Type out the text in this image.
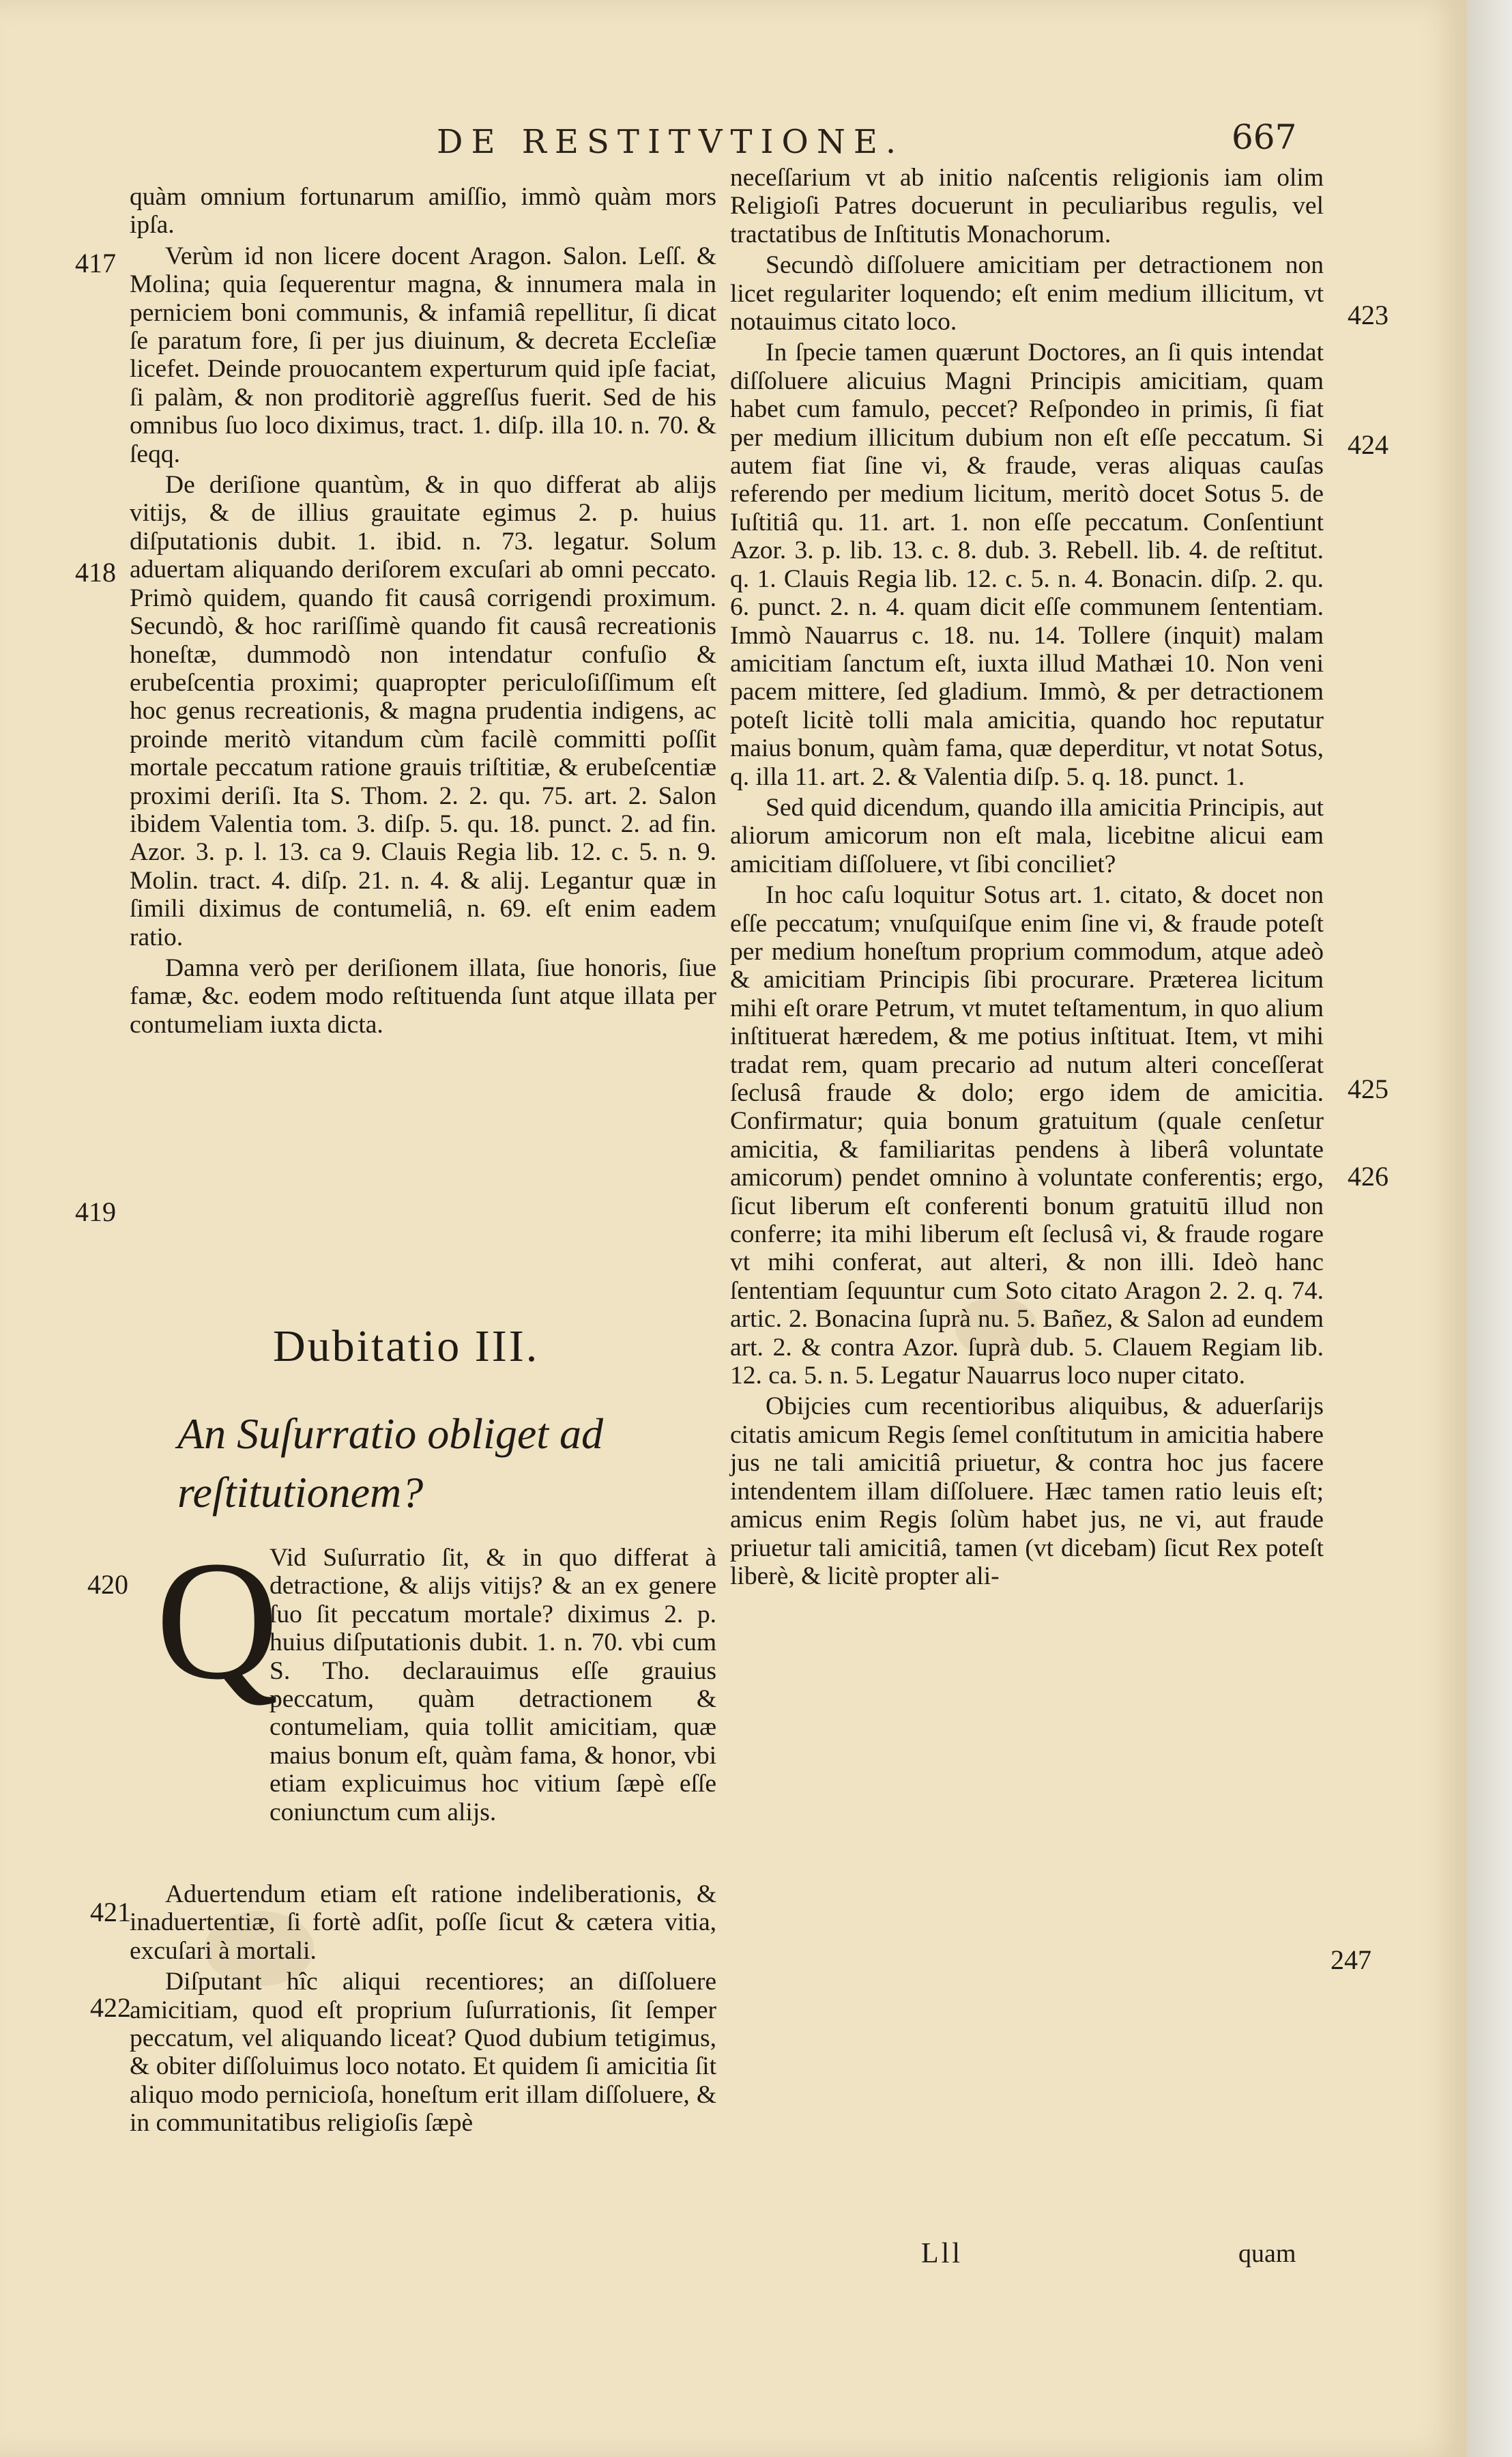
DE RESTITVTIONE.	667

quàm omnium fortunarum amiſſio, immò quàm mors ipſa.

Verùm id non licere docent Aragon. Salon. Leſſ. & Molina; quia ſequerentur magna, & innumera mala in perniciem boni communis, & infamiâ repellitur, ſi dicat ſe paratum fore, ſi per jus diuinum, & decreta Eccleſiæ licefet. Deinde prouocantem experturum quid ipſe faciat, ſi palàm, & non proditoriè aggreſſus fuerit. Sed de his omnibus ſuo loco diximus, tract. 1. diſp. illa 10. n. 70. & ſeqq.

De deriſione quantùm, & in quo differat ab alijs vitijs, & de illius grauitate egimus 2. p. huius diſputationis dubit. 1. ibid. n. 73. legatur. Solum aduertam aliquando deriſorem excuſari ab omni peccato. Primò quidem, quando fit causâ corrigendi proximum. Secundò, & hoc rariſſimè quando fit causâ recreationis honeſtæ, dummodò non intendatur confuſio & erubeſcentia proximi; quapropter periculoſiſſimum eſt hoc genus recreationis, & magna prudentia indigens, ac proinde meritò vitandum cùm facilè committi poſſit mortale peccatum ratione grauis triſtitiæ, & erubeſcentiæ proximi deriſi. Ita S. Thom. 2. 2. qu. 75. art. 2. Salon ibidem Valentia tom. 3. diſp. 5. qu. 18. punct. 2. ad fin. Azor. 3. p. l. 13. ca 9. Clauis Regia lib. 12. c. 5. n. 9. Molin. tract. 4. diſp. 21. n. 4. & alij. Legantur quæ in ſimili diximus de contumeliâ, n. 69. eſt enim eadem ratio.

Damna verò per deriſionem illata, ſiue honoris, ſiue famæ, &c. eodem modo reſtituenda ſunt atque illata per contumeliam iuxta dicta.

Dubitatio III.
An Suſurratio obliget ad reſtitutionem?
Q

Vid Suſurratio ſit, & in quo differat à detractione, & alijs vitijs? & an ex genere ſuo ſit peccatum mortale? diximus 2. p. huius diſputationis dubit. 1. n. 70. vbi cum S. Tho. declarauimus eſſe grauius peccatum, quàm detractionem & contumeliam, quia tollit amicitiam, quæ maius bonum eſt, quàm fama, & honor, vbi etiam explicuimus hoc vitium ſæpè eſſe coniunctum cum alijs.

Aduertendum etiam eſt ratione indeliberationis, & inaduertentiæ, ſi fortè adſit, poſſe ſicut & cætera vitia, excuſari à mortali.

Diſputant hîc aliqui recentiores; an diſſoluere amicitiam, quod eſt proprium ſuſurrationis, ſit ſemper peccatum, vel aliquando liceat? Quod dubium tetigimus, & obiter diſſoluimus loco notato. Et quidem ſi amicitia ſit aliquo modo pernicioſa, honeſtum erit illam diſſoluere, & in communitatibus religioſis ſæpè

neceſſarium vt ab initio naſcentis religionis iam olim Religioſi Patres docuerunt in peculiaribus regulis, vel tractatibus de Inſtitutis Monachorum.

Secundò diſſoluere amicitiam per detractionem non licet regulariter loquendo; eſt enim medium illicitum, vt notauimus citato loco.

In ſpecie tamen quærunt Doctores, an ſi quis intendat diſſoluere alicuius Magni Principis amicitiam, quam habet cum famulo, peccet? Reſpondeo in primis, ſi fiat per medium illicitum dubium non eſt eſſe peccatum. Si autem fiat ſine vi, & fraude, veras aliquas cauſas referendo per medium licitum, meritò docet Sotus 5. de Iuſtitiâ qu. 11. art. 1. non eſſe peccatum. Conſentiunt Azor. 3. p. lib. 13. c. 8. dub. 3. Rebell. lib. 4. de reſtitut. q. 1. Clauis Regia lib. 12. c. 5. n. 4. Bonacin. diſp. 2. qu. 6. punct. 2. n. 4. quam dicit eſſe communem ſententiam. Immò Nauarrus c. 18. nu. 14. Tollere (inquit) malam amicitiam ſanctum eſt, iuxta illud Mathæi 10. Non veni pacem mittere, ſed gladium. Immò, & per detractionem poteſt licitè tolli mala amicitia, quando hoc reputatur maius bonum, quàm fama, quæ deperditur, vt notat Sotus, q. illa 11. art. 2. & Valentia diſp. 5. q. 18. punct. 1.

Sed quid dicendum, quando illa amicitia Principis, aut aliorum amicorum non eſt mala, licebitne alicui eam amicitiam diſſoluere, vt ſibi conciliet?

In hoc caſu loquitur Sotus art. 1. citato, & docet non eſſe peccatum; vnuſquiſque enim ſine vi, & fraude poteſt per medium honeſtum proprium commodum, atque adeò & amicitiam Principis ſibi procurare. Præterea licitum mihi eſt orare Petrum, vt mutet teſtamentum, in quo alium inſtituerat hæredem, & me potius inſtituat. Item, vt mihi tradat rem, quam precario ad nutum alteri conceſſerat ſeclusâ fraude & dolo; ergo idem de amicitia. Confirmatur; quia bonum gratuitum (quale cenſetur amicitia, & familiaritas pendens à liberâ voluntate amicorum) pendet omnino à voluntate conferentis; ergo, ſicut liberum eſt conferenti bonum gratuitū illud non conferre; ita mihi liberum eſt ſeclusâ vi, & fraude rogare vt mihi conferat, aut alteri, & non illi. Ideò hanc ſententiam ſequuntur cum Soto citato Aragon 2. 2. q. 74. artic. 2. Bonacina ſuprà nu. 5. Bañez, & Salon ad eundem art. 2. & contra Azor. ſuprà dub. 5. Clauem Regiam lib. 12. ca. 5. n. 5. Legatur Nauarrus loco nuper citato.

Obijcies cum recentioribus aliquibus, & aduerſarijs citatis amicum Regis ſemel conſtitutum in amicitia habere jus ne tali amicitiâ priuetur, & contra hoc jus facere intendentem illam diſſoluere. Hæc tamen ratio leuis eſt; amicus enim Regis ſolùm habet jus, ne vi, aut fraude priuetur tali amicitiâ, tamen (vt dicebam) ſicut Rex poteſt liberè, & licitè propter ali-

417
418
419
420
421
422
423
424
425
426
247
Lll	quam
